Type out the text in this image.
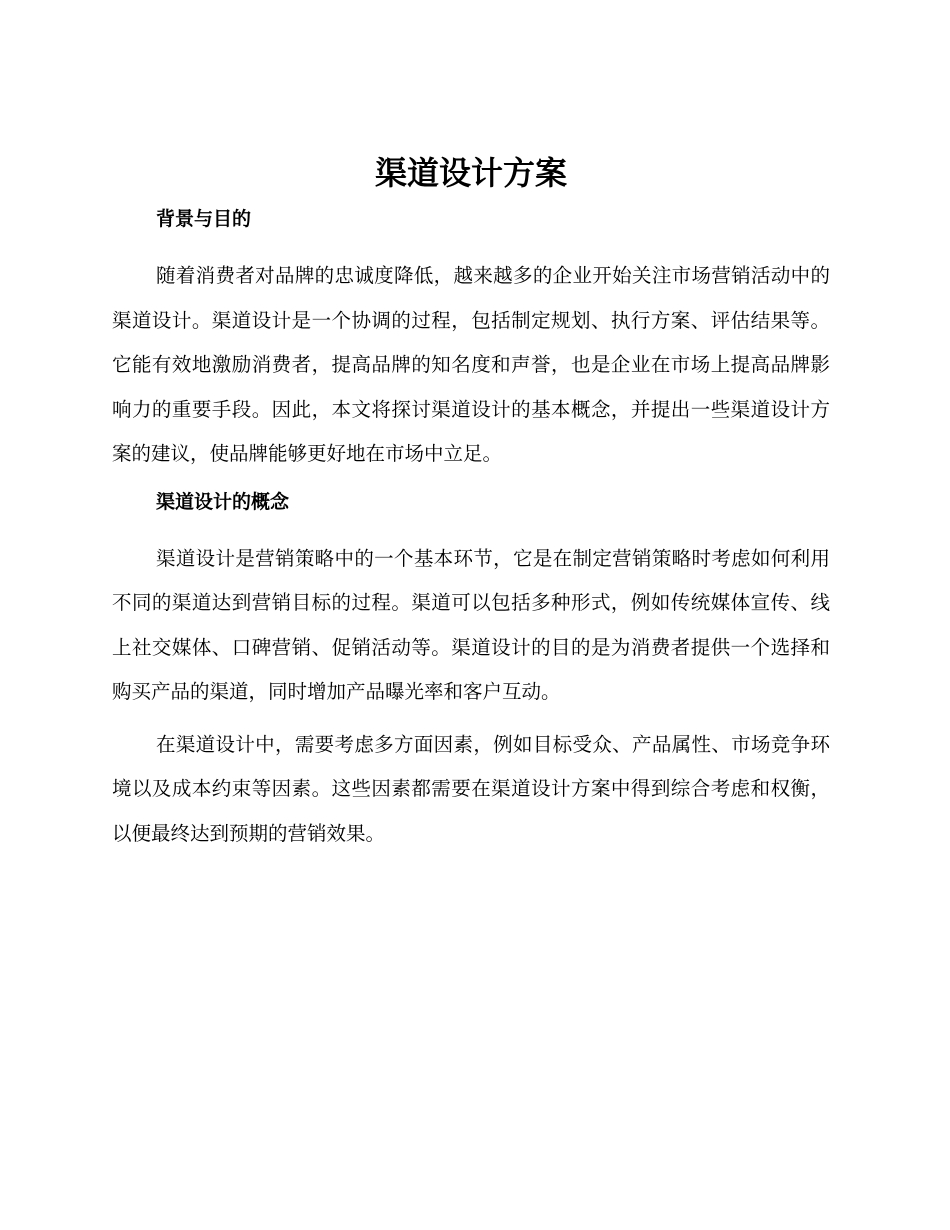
渠道设计方案
背景与目的

随着消费者对品牌的忠诚度降低，越来越多的企业开始关注市场营销活动中的渠道设计。渠道设计是一个协调的过程，包括制定规划、执行方案、评估结果等。它能有效地激励消费者，提高品牌的知名度和声誉，也是企业在市场上提高品牌影响力的重要手段。因此，本文将探讨渠道设计的基本概念，并提出一些渠道设计方案的建议，使品牌能够更好地在市场中立足。

渠道设计的概念

渠道设计是营销策略中的一个基本环节，它是在制定营销策略时考虑如何利用不同的渠道达到营销目标的过程。渠道可以包括多种形式，例如传统媒体宣传、线上社交媒体、口碑营销、促销活动等。渠道设计的目的是为消费者提供一个选择和购买产品的渠道，同时增加产品曝光率和客户互动。

在渠道设计中，需要考虑多方面因素，例如目标受众、产品属性、市场竞争环境以及成本约束等因素。这些因素都需要在渠道设计方案中得到综合考虑和权衡，以便最终达到预期的营销效果。
